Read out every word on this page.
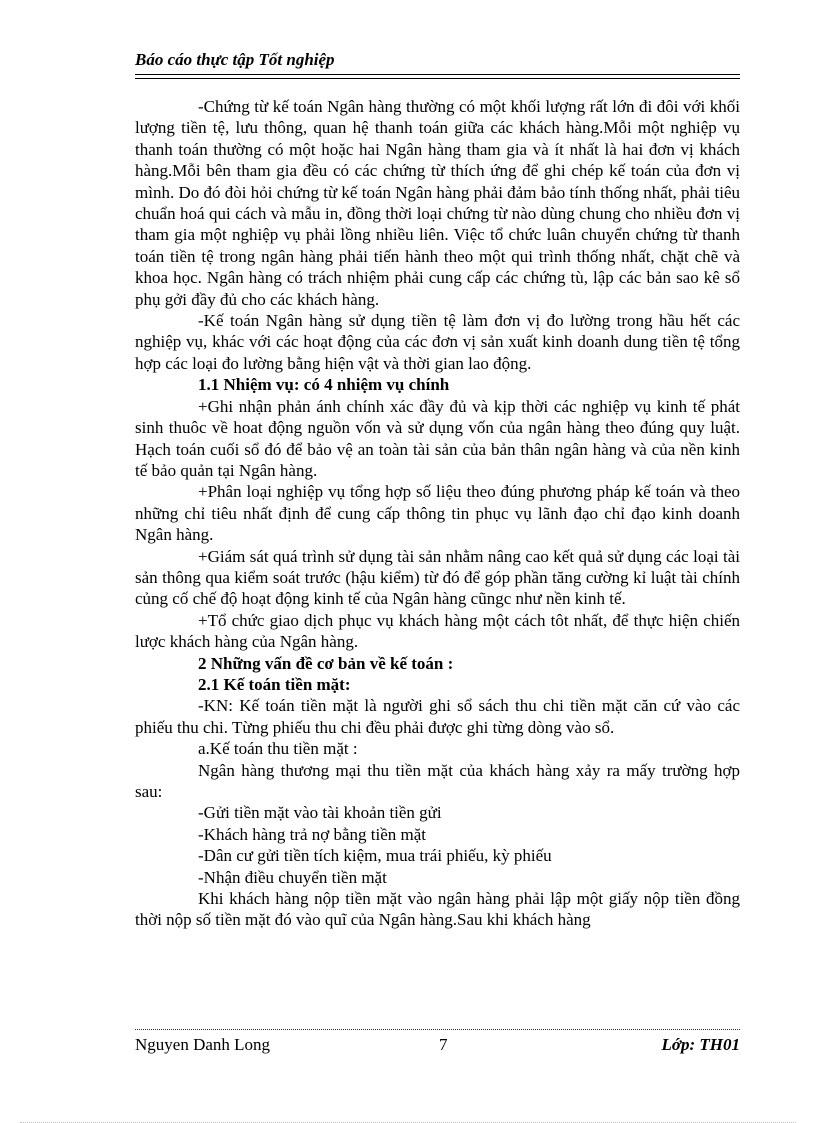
Báo cáo thực tập Tốt nghiệp

-Chứng từ kế toán Ngân hàng thường có một khối lượng rất lớn đi đôi với khối lượng tiền tệ, lưu thông, quan hệ thanh toán giữa các khách hàng.Mỗi một nghiệp vụ thanh toán thường có một hoặc hai Ngân hàng tham gia và ít nhất là hai đơn vị khách hàng.Mỗi bên tham gia đều có các chứng từ thích ứng để ghi chép kế toán của đơn vị mình. Do đó đòi hỏi chứng từ kế toán Ngân hàng phải đảm bảo tính thống nhất, phải tiêu chuẩn hoá qui cách và mẫu in, đồng thời loại chứng từ nào dùng chung cho nhiều đơn vị tham gia một nghiệp vụ phải lồng nhiều liên. Việc tổ chức luân chuyển chứng từ thanh toán tiền tệ trong ngân hàng phải tiến hành theo một qui trình thống nhất, chặt chẽ và khoa học. Ngân hàng có trách nhiệm phải cung cấp các chứng tù, lập các bản sao kê sổ phụ gởi đầy đủ cho các khách hàng.

-Kế toán Ngân hàng sử dụng tiền tệ làm đơn vị đo lường trong hầu hết các nghiệp vụ, khác với các hoạt động của các đơn vị sản xuất kinh doanh dung tiền tệ tổng hợp các loại đo lường bằng hiện vật và thời gian lao động.

1.1 Nhiệm vụ: có 4 nhiệm vụ chính

+Ghi nhận phản ánh chính xác đầy đủ và kịp thời các nghiệp vụ kinh tế phát sinh thuôc về hoat động nguồn vốn và sử dụng vốn của ngân hàng theo đúng quy luật. Hạch toán cuối sổ đó để bảo vệ an toàn tài sản của bản thân ngân hàng và của nền kinh tế bảo quản tại Ngân hàng.

+Phân loại nghiệp vụ tổng hợp số liệu theo đúng phương pháp kế toán và theo những chỉ tiêu nhất định để cung cấp thông tin phục vụ lãnh đạo chỉ đạo kinh doanh Ngân hàng.

+Giám sát quá trình sử dụng tài sản nhằm nâng cao kết quả sử dụng các loại tài sản thông qua kiểm soát trước (hậu kiểm) từ đó để góp phần tăng cường kỉ luật tài chính củng cố chế độ hoạt động kinh tế của Ngân hàng cũngc như nền kinh tế.

+Tổ chức giao dịch phục vụ khách hàng một cách tôt nhất, để thực hiện chiến lược khách hàng của Ngân hàng.

2 Những vấn đề cơ bản về kế toán :

2.1 Kế toán tiền mặt:

-KN: Kế toán tiền mặt là người ghi sổ sách thu chi tiền mặt căn cứ vào các phiếu thu chi. Từng phiếu thu chi đều phải được ghi từng dòng vào sổ.

a.Kế toán thu tiền mặt :

Ngân hàng thương mại thu tiền mặt của khách hàng xảy ra mấy trường hợp sau:

-Gửi tiền mặt vào tài khoản tiền gửi

-Khách hàng trả nợ bằng tiền mặt

-Dân cư gửi tiền tích kiệm, mua trái phiếu, kỳ phiếu

-Nhận điều chuyển tiền mặt

Khi khách hàng nộp tiền mặt vào ngân hàng phải lập một giấy nộp tiền đồng thời nộp số tiền mặt đó vào quĩ của Ngân hàng.Sau khi khách hàng

Nguyen Danh Long	7	Lớp: TH01
